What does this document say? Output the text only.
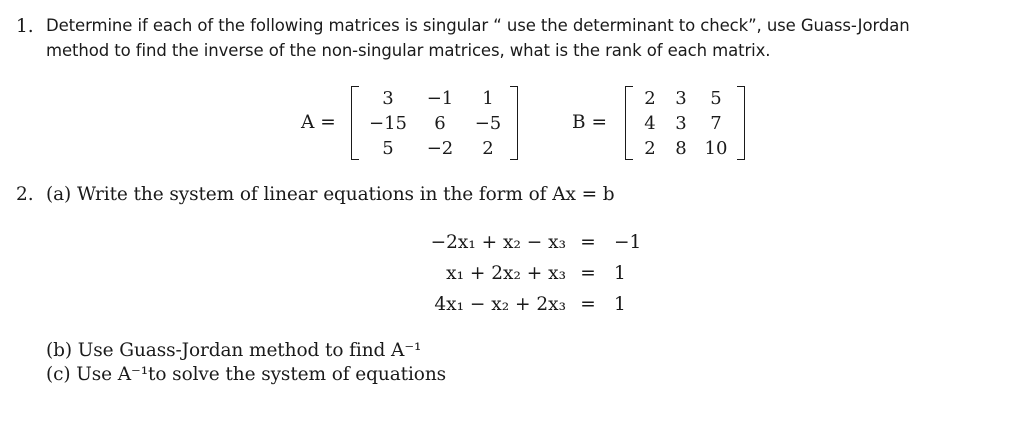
1. Determine if each of the following matrices is singular “ use the determinant to check”, use Guass-Jordan
method to find the inverse of the non-singular matrices, what is the rank of each matrix.
A =
3	−1	1
−15	6	−5
5	−2	2
B =
2	3	5
4	3	7
2	8 10
2. (a) Write the system of linear equations in the form of Ax = b
−2x₁ + x₂ − x₃ = −1
x₁ + 2x₂ + x₃ = 1
4x₁ − x₂ + 2x₃ = 1
(b) Use Guass-Jordan method to find A⁻¹
(c) Use A⁻¹to solve the system of equations
